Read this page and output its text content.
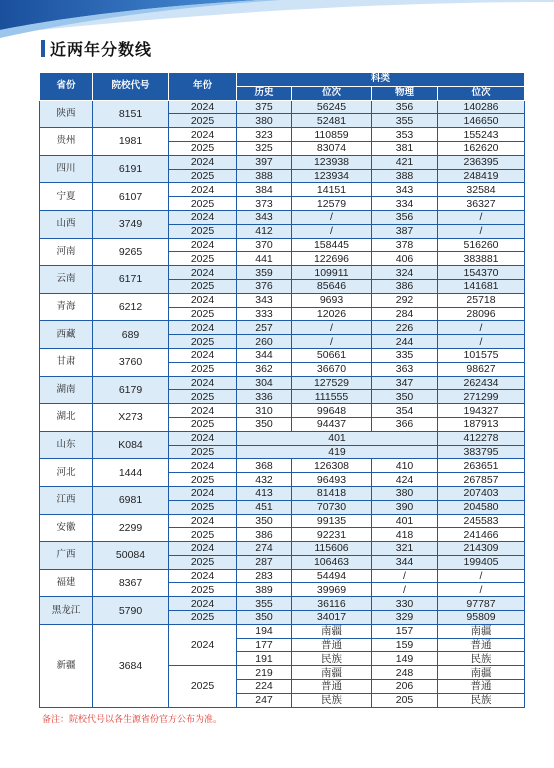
近两年分数线
省份	院校代号	年份	科类			
			历史	位次	物理	位次
陕西	8151	2024	375	56245	356	140286
		2025	380	52481	355	146650
贵州	1981	2024	323	110859	353	155243
		2025	325	83074	381	162620
四川	6191	2024	397	123938	421	236395
		2025	388	123934	388	248419
宁夏	6107	2024	384	14151	343	32584
		2025	373	12579	334	36327
山西	3749	2024	343	/	356	/
		2025	412	/	387	/
河南	9265	2024	370	158445	378	516260
		2025	441	122696	406	383881
云南	6171	2024	359	109911	324	154370
		2025	376	85646	386	141681
青海	6212	2024	343	9693	292	25718
		2025	333	12026	284	28096
西藏	689	2024	257	/	226	/
		2025	260	/	244	/
甘肃	3760	2024	344	50661	335	101575
		2025	362	36670	363	98627
湖南	6179	2024	304	127529	347	262434
		2025	336	111555	350	271299
湖北	X273	2024	310	99648	354	194327
		2025	350	94437	366	187913
山东	K084	2024	401			412278
		2025	419			383795
河北	1444	2024	368	126308	410	263651
		2025	432	96493	424	267857
江西	6981	2024	413	81418	380	207403
		2025	451	70730	390	204580
安徽	2299	2024	350	99135	401	245583
		2025	386	92231	418	241466
广西	50084	2024	274	115606	321	214309
		2025	287	106463	344	199405
福建	8367	2024	283	54494	/	/
		2025	389	39969	/	/
黑龙江	5790	2024	355	36116	330	97787
		2025	350	34017	329	95809
新疆	3684	2024	194	南疆	157	南疆
			177	普通	159	普通
			191	民族	149	民族
		2025	219	南疆	248	南疆
			224	普通	206	普通
			247	民族	205	民族
备注：院校代号以各生源省份官方公布为准。
